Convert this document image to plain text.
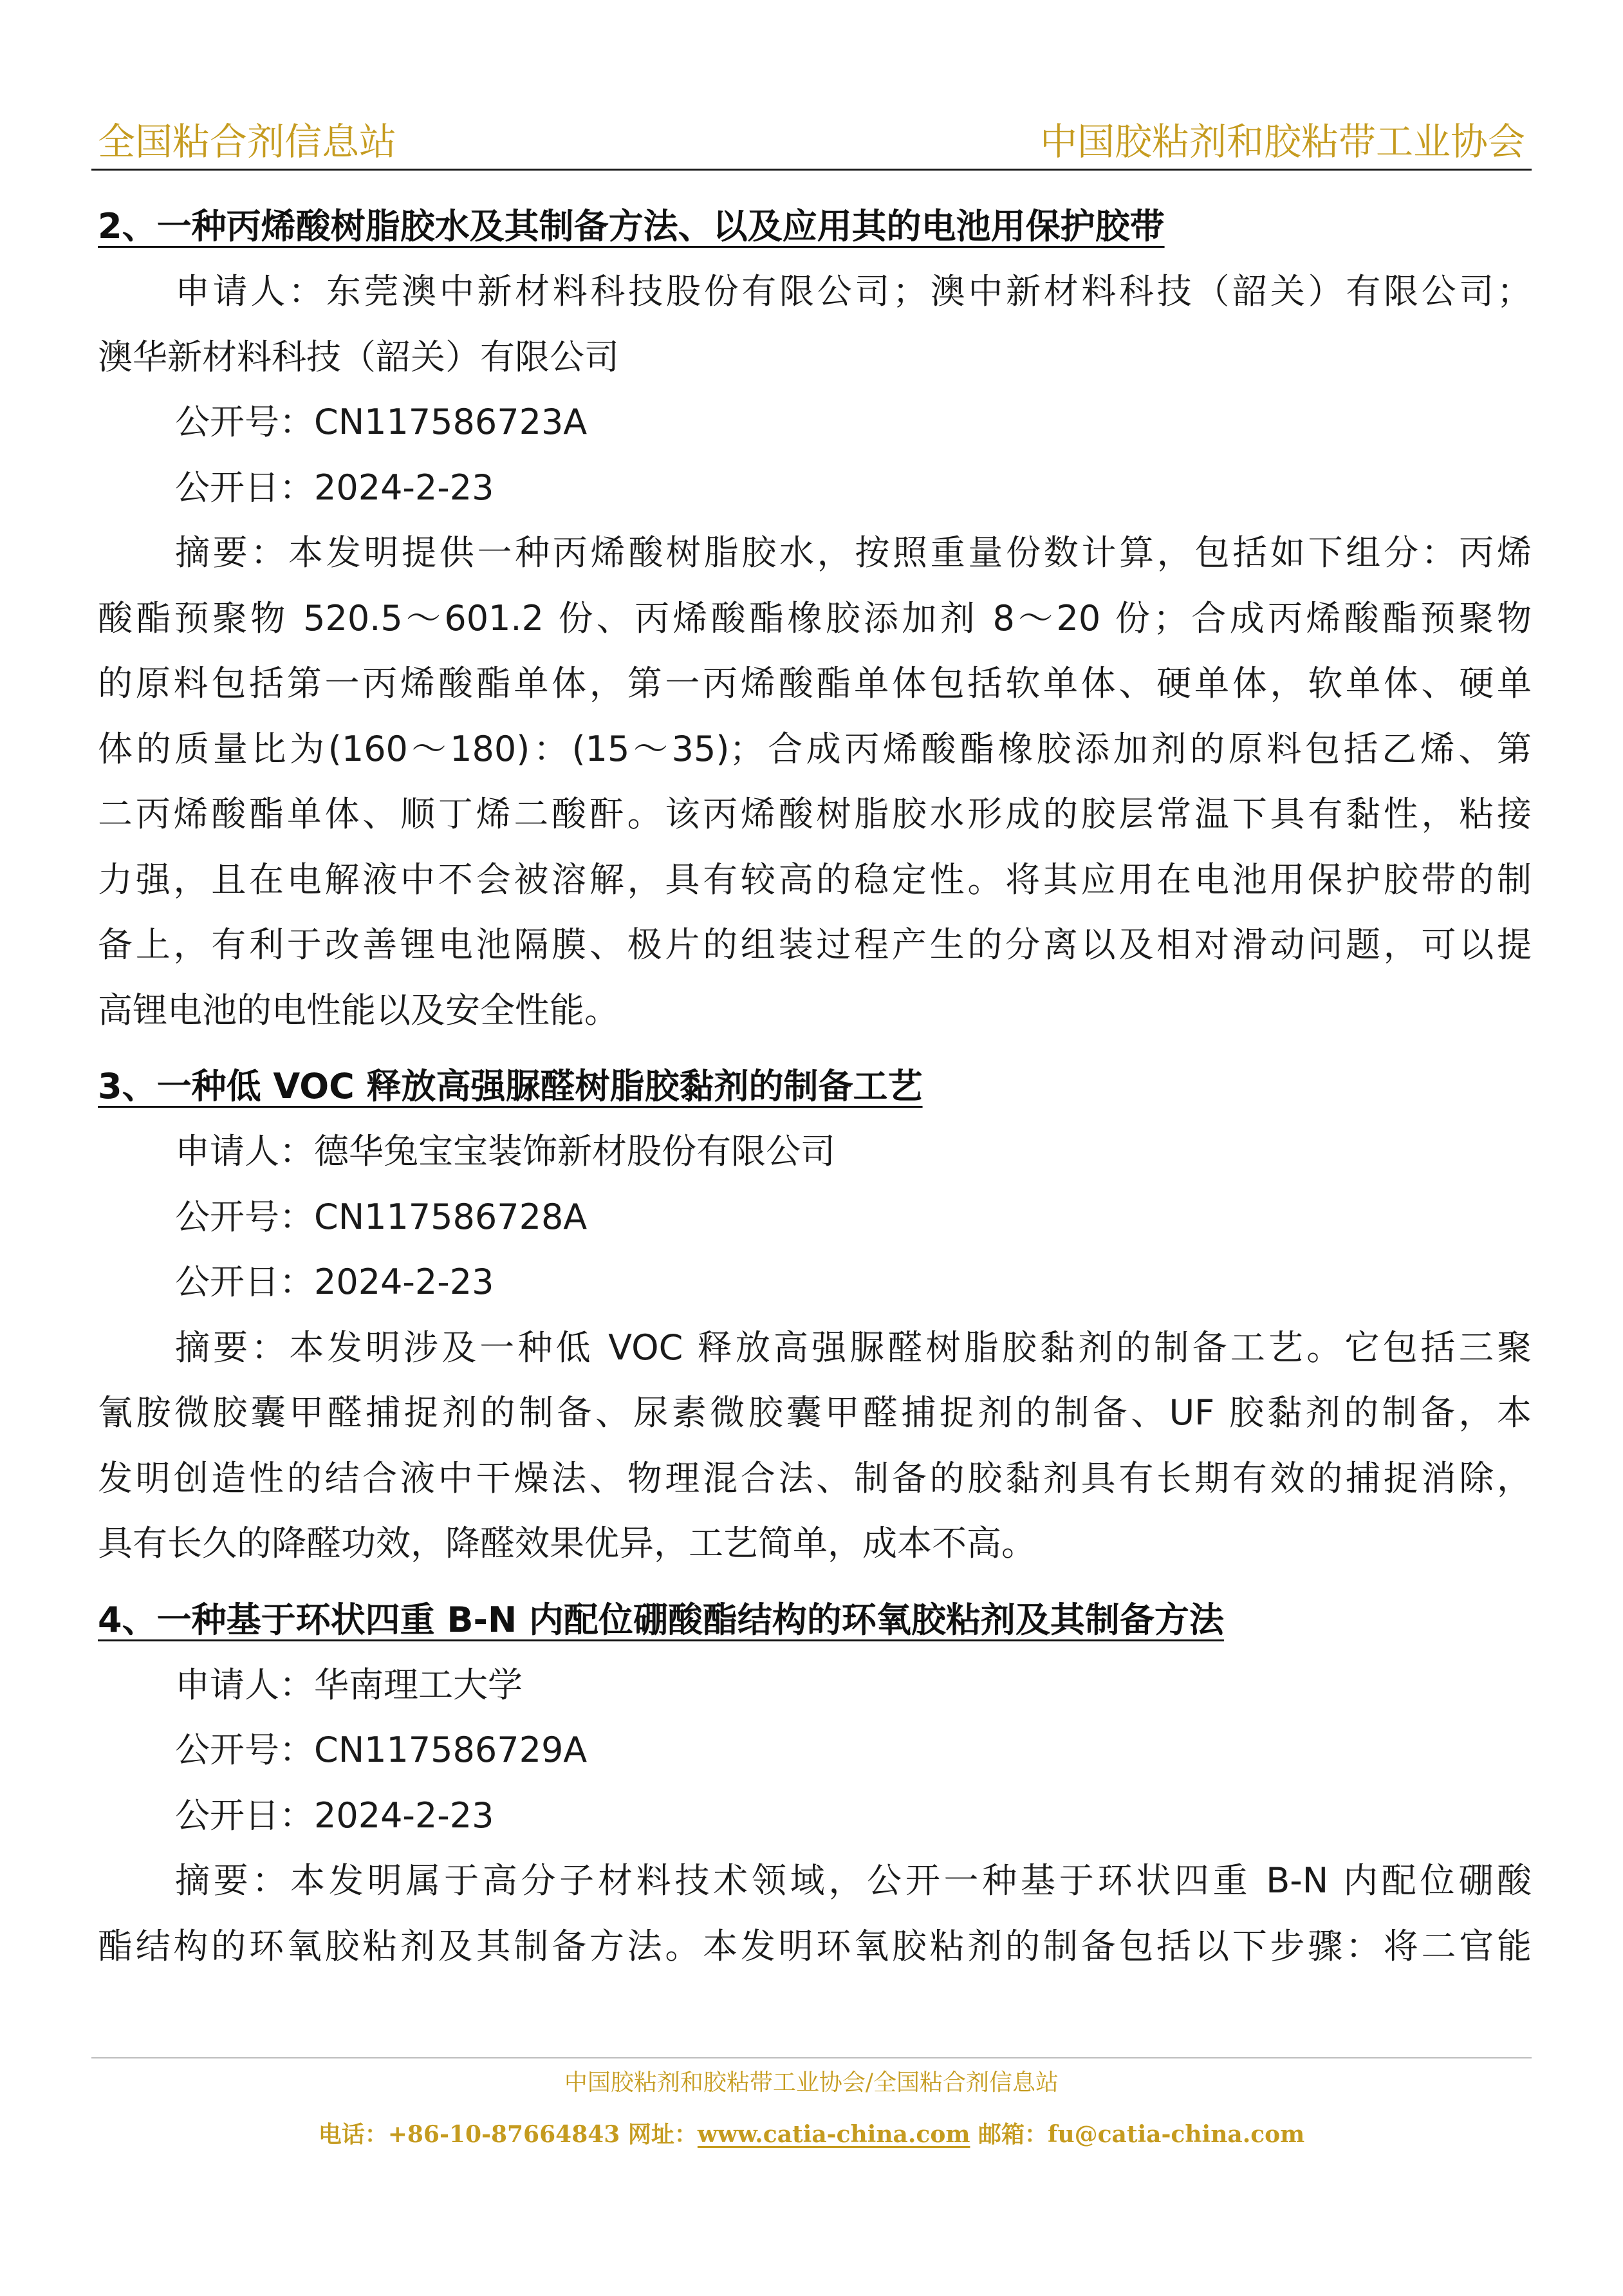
全国粘合剂信息站	中国胶粘剂和胶粘带工业协会
2、一种丙烯酸树脂胶水及其制备方法、以及应用其的电池用保护胶带
申请人：东莞澳中新材料科技股份有限公司；澳中新材料科技（韶关）有限公司；
澳华新材料科技（韶关）有限公司
公开号：CN117586723A
公开日：2024-2-23
摘要：本发明提供一种丙烯酸树脂胶水，按照重量份数计算，包括如下组分：丙烯
酸酯预聚物 520.5～601.2 份、丙烯酸酯橡胶添加剂 8～20 份；合成丙烯酸酯预聚物
的原料包括第一丙烯酸酯单体，第一丙烯酸酯单体包括软单体、硬单体，软单体、硬单
体的质量比为(160～180)：(15～35)；合成丙烯酸酯橡胶添加剂的原料包括乙烯、第
二丙烯酸酯单体、顺丁烯二酸酐。该丙烯酸树脂胶水形成的胶层常温下具有黏性，粘接
力强，且在电解液中不会被溶解，具有较高的稳定性。将其应用在电池用保护胶带的制
备上，有利于改善锂电池隔膜、极片的组装过程产生的分离以及相对滑动问题，可以提
高锂电池的电性能以及安全性能。
3、一种低 VOC 释放高强脲醛树脂胶黏剂的制备工艺
申请人：德华兔宝宝装饰新材股份有限公司
公开号：CN117586728A
公开日：2024-2-23
摘要：本发明涉及一种低 VOC 释放高强脲醛树脂胶黏剂的制备工艺。它包括三聚
氰胺微胶囊甲醛捕捉剂的制备、尿素微胶囊甲醛捕捉剂的制备、UF 胶黏剂的制备，本
发明创造性的结合液中干燥法、物理混合法、制备的胶黏剂具有长期有效的捕捉消除，
具有长久的降醛功效，降醛效果优异，工艺简单，成本不高。
4、一种基于环状四重 B-N 内配位硼酸酯结构的环氧胶粘剂及其制备方法
申请人：华南理工大学
公开号：CN117586729A
公开日：2024-2-23
摘要：本发明属于高分子材料技术领域，公开一种基于环状四重 B-N 内配位硼酸
酯结构的环氧胶粘剂及其制备方法。本发明环氧胶粘剂的制备包括以下步骤：将二官能
中国胶粘剂和胶粘带工业协会/全国粘合剂信息站
电话：+86-10-87664843 网址：www.catia-china.com 邮箱：fu@catia-china.com
